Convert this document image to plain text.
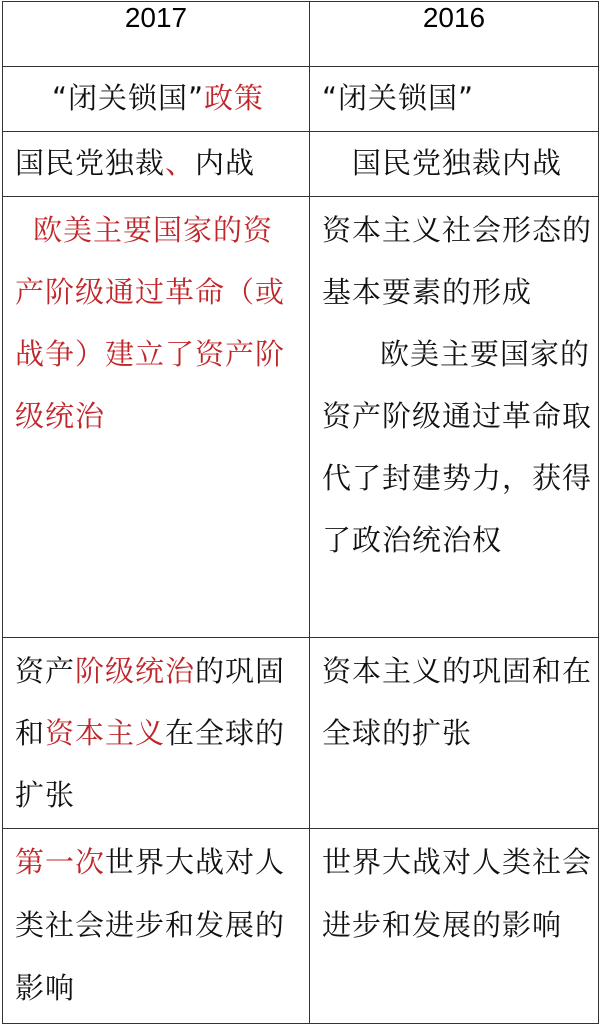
2017	2016

“闭关锁国”政策	“闭关锁国”

国民党独裁、内战	国民党独裁内战

欧美主要国家的资产阶级通过革命（或战争）建立了资产阶级统治	资本主义社会形态的基本要素的形成
欧美主要国家的资产阶级通过革命取代了封建势力，获得了政治统治权

资产阶级统治的巩固和资本主义在全球的扩张	资本主义的巩固和在全球的扩张

第一次世界大战对人类社会进步和发展的影响	世界大战对人类社会进步和发展的影响
